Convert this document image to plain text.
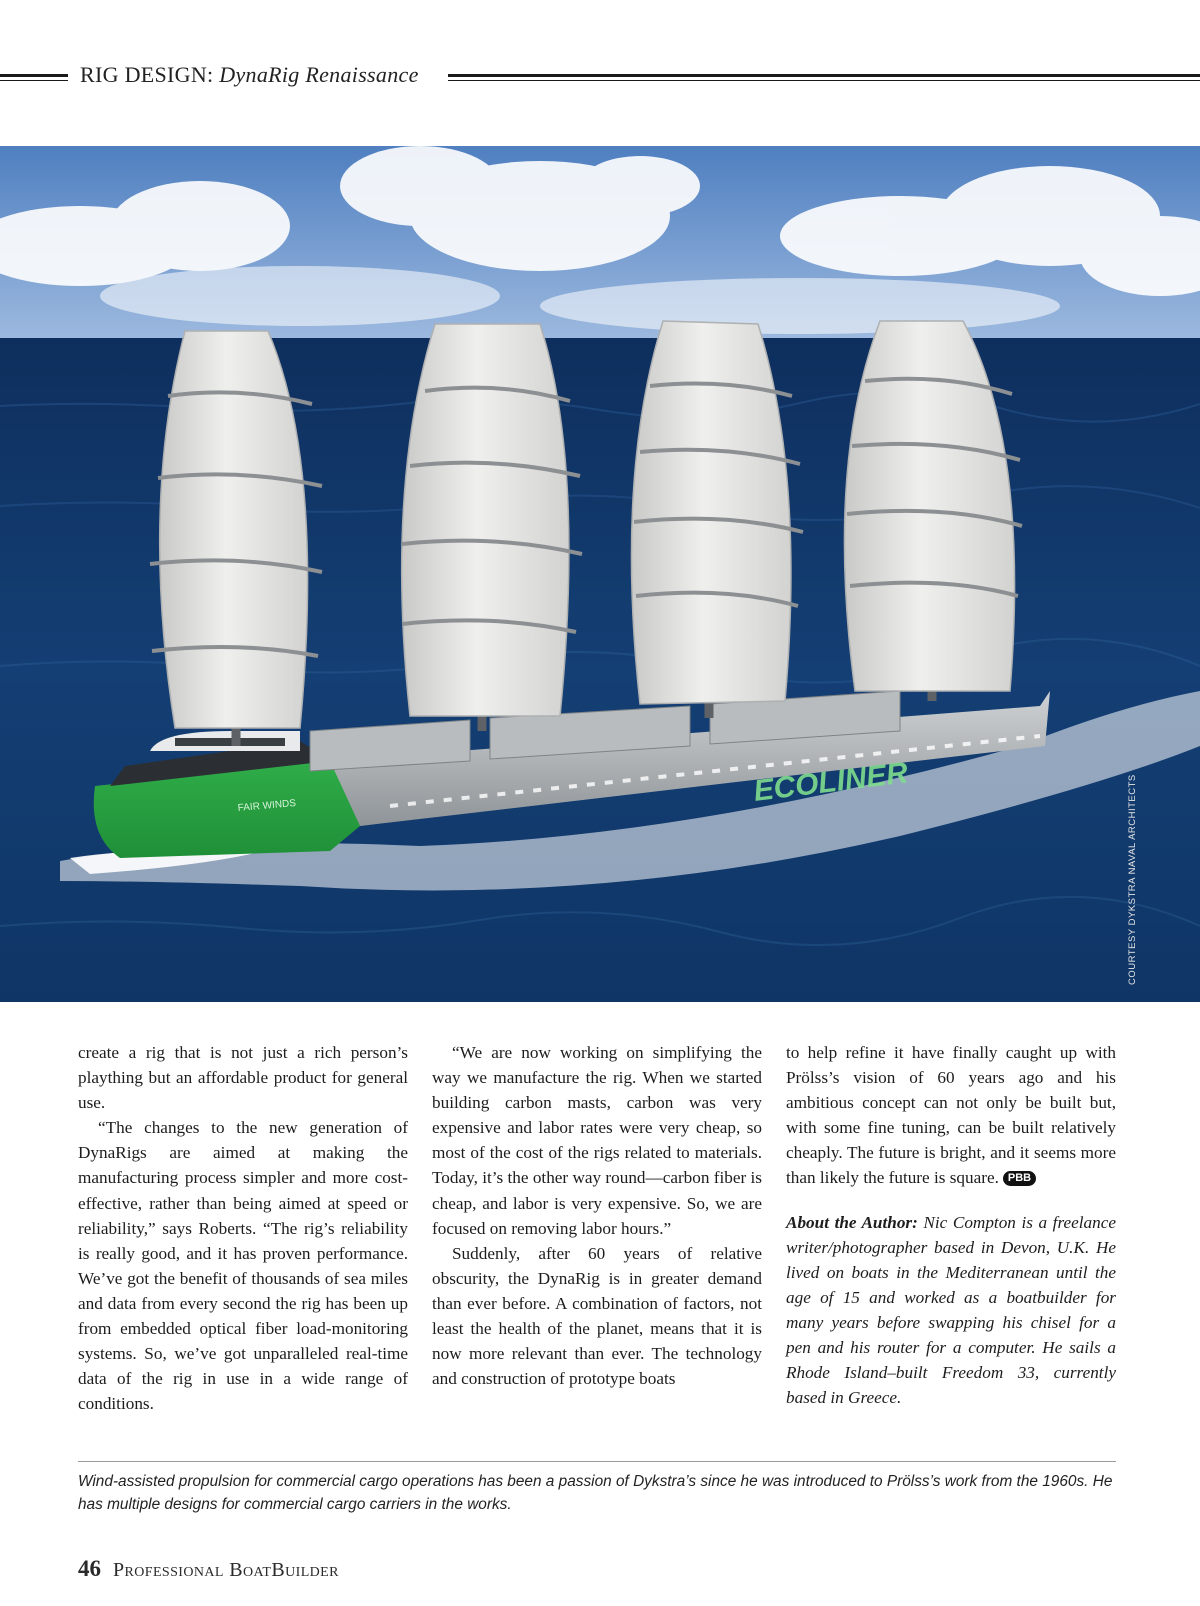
RIG DESIGN: DynaRig Renaissance
ECOLINER
FAIR WINDS	COURTESY DYKSTRA NAVAL ARCHITECTS

create a rig that is not just a rich person’s plaything but an affordable product for general use.

“The changes to the new generation of DynaRigs are aimed at making the manufacturing process simpler and more cost-effective, rather than being aimed at speed or reliability,” says Roberts. “The rig’s reliability is really good, and it has proven performance. We’ve got the benefit of thousands of sea miles and data from every second the rig has been up from embedded optical fiber load-monitoring systems. So, we’ve got unparalleled real-time data of the rig in use in a wide range of conditions.

“We are now working on simplifying the way we manufacture the rig. When we started building carbon masts, carbon was very expensive and labor rates were very cheap, so most of the cost of the rigs related to materials. Today, it’s the other way round—carbon fiber is cheap, and labor is very expensive. So, we are focused on removing labor hours.”

Suddenly, after 60 years of relative obscurity, the DynaRig is in greater demand than ever before. A combination of factors, not least the health of the planet, means that it is now more relevant than ever. The technology and construction of prototype boats

to help refine it have finally caught up with Prölss’s vision of 60 years ago and his ambitious concept can not only be built but, with some fine tuning, can be built relatively cheaply. The future is bright, and it seems more than likely the future is square. PBB

About the Author: Nic Compton is a freelance writer/photographer based in Devon, U.K. He lived on boats in the Mediterranean until the age of 15 and worked as a boatbuilder for many years before swapping his chisel for a pen and his router for a computer. He sails a Rhode Island–built Freedom 33, currently based in Greece.

Wind-assisted propulsion for commercial cargo operations has been a passion of Dykstra’s since he was introduced to Prölss’s work from the 1960s. He has multiple designs for commercial cargo carriers in the works.
46 Professional BoatBuilder
